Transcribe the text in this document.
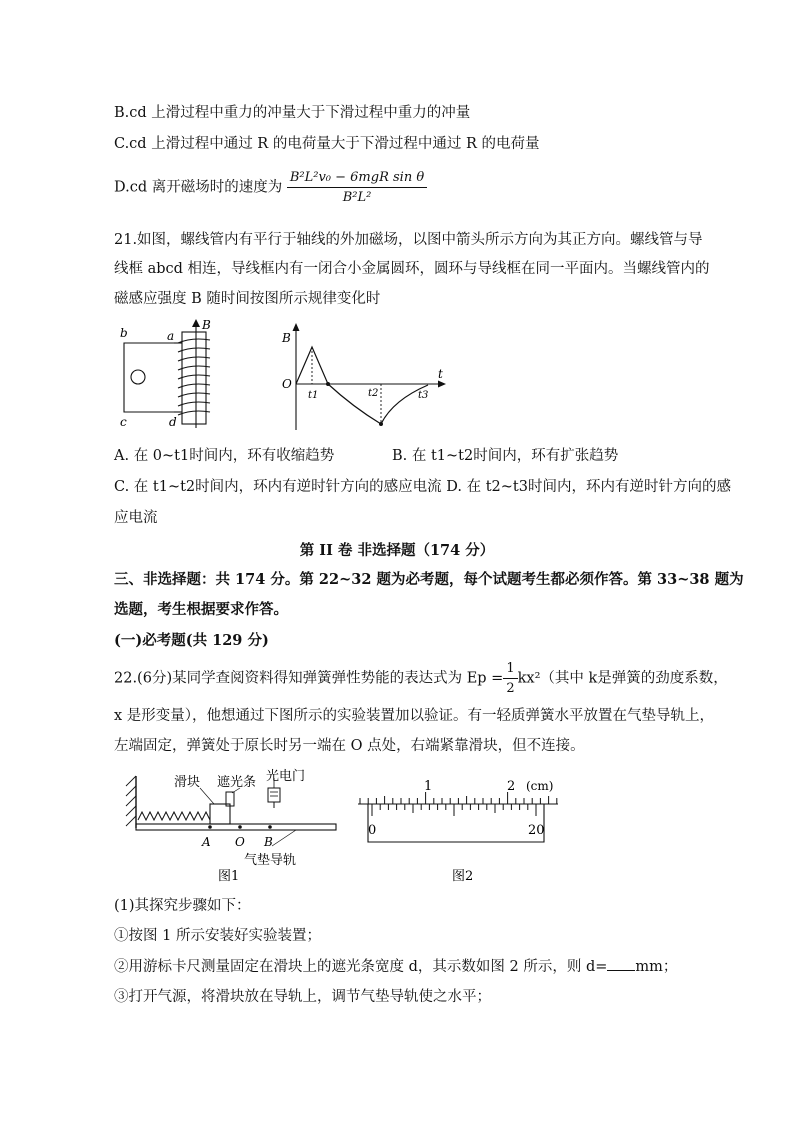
B.cd 上滑过程中重力的冲量大于下滑过程中重力的冲量
C.cd 上滑过程中通过 R 的电荷量大于下滑过程中通过 R 的电荷量
D.cd 离开磁场时的速度为 $\frac{\text{B²L²v₀ − 6mgR sin θ}}{\text{B²L²}}$
21.如图，螺线管内有平行于轴线的外加磁场，以图中箭头所示方向为其正方向。螺线管与导
线框 abcd 相连，导线框内有一闭合小金属圆环，圆环与导线框在同一平面内。当螺线管内的
磁感应强度 B 随时间按图所示规律变化时
b	a
B
c	d
B
O
t1	t2	t3
t
A. 在 0~t1时间内，环有收缩趋势	B. 在 t1~t2时间内，环有扩张趋势
C. 在 t1~t2时间内，环内有逆时针方向的感应电流 D. 在 t2~t3时间内，环内有逆时针方向的感
应电流
第 II 卷 非选择题（174 分）
三、非选择题：共 174 分。第 22~32 题为必考题，每个试题考生都必须作答。第 33~38 题为
选题，考生根据要求作答。
(一)必考题(共 129 分)
22.(6分)某同学查阅资料得知弹簧弹性势能的表达式为 $Ep = \frac{1}{2} kx^2$（其中 k是弹簧的劲度系数，
x 是形变量），他想通过下图所示的实验装置加以验证。有一轻质弹簧水平放置在气垫导轨上，
左端固定，弹簧处于原长时另一端在 O 点处，右端紧靠滑块，但不连接。
滑块 遮光条 光电门
A O B
气垫导轨
图1
1	2 (cm)
0	20
图2
(1)其探究步骤如下：
①按图 1 所示安装好实验装置；
②用游标卡尺测量固定在滑块上的遮光条宽度 d，其示数如图 2 所示，则 d= mm；
③打开气源，将滑块放在导轨上，调节气垫导轨使之水平；
